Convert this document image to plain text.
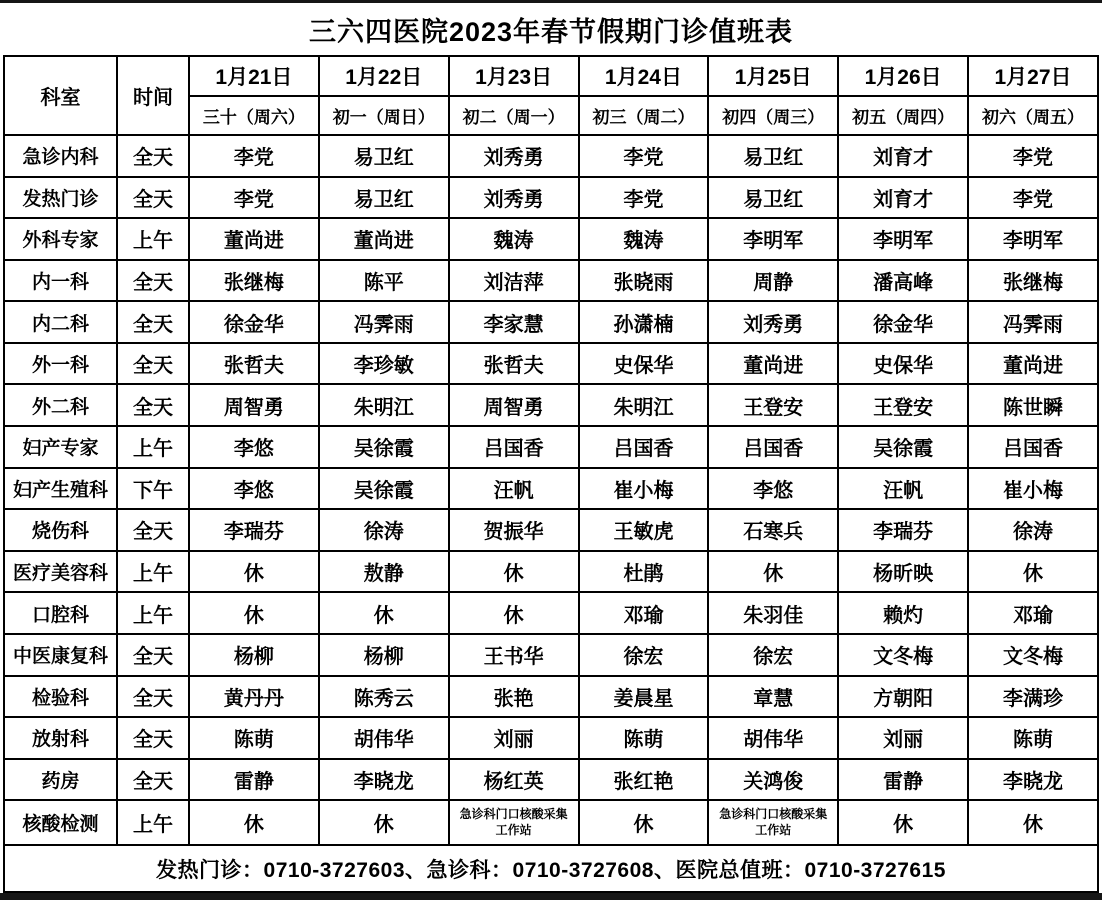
三六四医院2023年春节假期门诊值班表
科室	时间	1月21日	1月22日	1月23日	1月24日	1月25日	1月26日	1月27日
		三十（周六）	初一（周日）	初二（周一）	初三（周二）	初四（周三）	初五（周四）	初六（周五）
急诊内科	全天	李党	易卫红	刘秀勇	李党	易卫红	刘育才	李党
发热门诊	全天	李党	易卫红	刘秀勇	李党	易卫红	刘育才	李党
外科专家	上午	董尚进	董尚进	魏涛	魏涛	李明军	李明军	李明军
内一科	全天	张继梅	陈平	刘洁萍	张晓雨	周静	潘高峰	张继梅
内二科	全天	徐金华	冯霁雨	李家慧	孙潇楠	刘秀勇	徐金华	冯霁雨
外一科	全天	张哲夫	李珍敏	张哲夫	史保华	董尚进	史保华	董尚进
外二科	全天	周智勇	朱明江	周智勇	朱明江	王登安	王登安	陈世瞬
妇产专家	上午	李悠	吴徐霞	吕国香	吕国香	吕国香	吴徐霞	吕国香
妇产生殖科	下午	李悠	吴徐霞	汪帆	崔小梅	李悠	汪帆	崔小梅
烧伤科	全天	李瑞芬	徐涛	贺振华	王敏虎	石寒兵	李瑞芬	徐涛
医疗美容科	上午	休	敖静	休	杜鹃	休	杨昕映	休
口腔科	上午	休	休	休	邓瑜	朱羽佳	赖灼	邓瑜
中医康复科	全天	杨柳	杨柳	王书华	徐宏	徐宏	文冬梅	文冬梅
检验科	全天	黄丹丹	陈秀云	张艳	姜晨星	章慧	方朝阳	李满珍
放射科	全天	陈萌	胡伟华	刘丽	陈萌	胡伟华	刘丽	陈萌
药房	全天	雷静	李晓龙	杨红英	张红艳	关鸿俊	雷静	李晓龙
核酸检测	上午	休	休	急诊科门口核酸采集工作站	休	急诊科门口核酸采集工作站	休	休
发热门诊：0710-3727603、急诊科：0710-3727608、医院总值班：0710-3727615								
